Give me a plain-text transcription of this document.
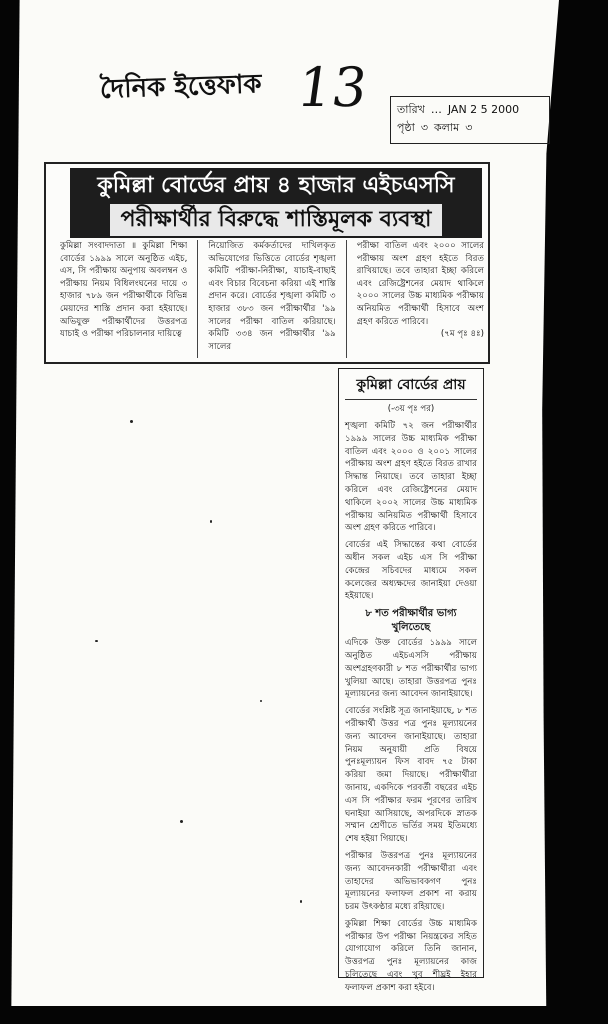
দৈনিক ইত্তেফাক 13 তারিখ … JAN 2 5 2000
পৃষ্ঠা ৩ কলাম ৩
কুমিল্লা বোর্ডের প্রায় ৪ হাজার এইচএসসি
পরীক্ষার্থীর বিরুদ্ধে শাস্তিমূলক ব্যবস্থা
কুমিল্লা সংবাদদাতা ॥ কুমিল্লা শিক্ষা বোর্ডের ১৯৯৯ সালে অনুষ্ঠিত এইচ, এস, সি পরীক্ষায় অনুপায় অবলম্বন ও পরীক্ষায় নিয়ম বিধিলংঘনের দায়ে ৩ হাজার ৭৮৯ জন পরীক্ষার্থীকে বিভিন্ন মেয়াদের শাস্তি প্রদান করা হইয়াছে। অভিযুক্ত পরীক্ষার্থীদের উত্তরপত্র যাচাই ও পরীক্ষা পরিচালনার দায়িত্বে
নিয়োজিত কর্মকর্তাদের দাখিলকৃত অভিযোগের ভিত্তিতে বোর্ডের শৃঙ্খলা কমিটি পরীক্ষা-নিরীক্ষা, যাচাই-বাছাই এবং বিচার বিবেচনা করিয়া এই শাস্তি প্রদান করে। বোর্ডের শৃঙ্খলা কমিটি ৩ হাজার ৩৮৩ জন পরীক্ষার্থীর '৯৯ সালের পরীক্ষা বাতিল করিয়াছে। কমিটি ৩৩৪ জন পরীক্ষার্থীর '৯৯ সালের
পরীক্ষা বাতিল এবং ২০০০ সালের পরীক্ষায় অংশ গ্রহণ হইতে বিরত রাখিয়াছে। তবে তাহারা ইচ্ছা করিলে এবং রেজিষ্ট্রেশনের মেয়াদ থাকিলে ২০০০ সালের উচ্চ মাধ্যমিক পরীক্ষায় অনিয়মিত পরীক্ষার্থী হিসাবে অংশ গ্রহণ করিতে পারিবে।
(৭ম পৃঃ ৪ঃ)
কুমিল্লা বোর্ডের প্রায়
(-৩য় পৃঃ পর)

শৃঙ্খলা কমিটি ৭২ জন পরীক্ষার্থীর ১৯৯৯ সালের উচ্চ মাধ্যমিক পরীক্ষা বাতিল এবং ২০০০ ও ২০০১ সালের পরীক্ষায় অংশ গ্রহণ হইতে বিরত রাখার সিদ্ধান্ত নিয়াছে। তবে তাহারা ইচ্ছা করিলে এবং রেজিষ্ট্রেশনের মেয়াদ থাকিলে ২০০২ সালের উচ্চ মাধ্যমিক পরীক্ষায় অনিয়মিত পরীক্ষার্থী হিসাবে অংশ গ্রহণ করিতে পারিবে।

বোর্ডের এই সিদ্ধান্তের কথা বোর্ডের অধীন সকল এইচ এস সি পরীক্ষা কেন্দ্রের সচিবদের মাধ্যমে সকল কলেজের অধ্যক্ষদের জানাইয়া দেওয়া হইয়াছে।

৮ শত পরীক্ষার্থীর ভাগ্য খুলিতেছে

এদিকে উক্ত বোর্ডের ১৯৯৯ সালে অনুষ্ঠিত এইচএসসি পরীক্ষায় অংশগ্রহণকারী ৮ শত পরীক্ষার্থীর ভাগ্য খুলিয়া আছে। তাহারা উত্তরপত্র পুনঃ মূল্যায়নের জন্য আবেদন জানাইয়াছে।

বোর্ডের সংশ্লিষ্ট সূত্র জানাইয়াছে, ৮ শত পরীক্ষার্থী উত্তর পত্র পুনঃ মূল্যায়নের জন্য আবেদন জানাইয়াছে। তাহারা নিয়ম অনুযায়ী প্রতি বিষয়ে পুনঃমূল্যায়ন ফিস বাবদ ৭৫ টাকা করিয়া জমা দিয়াছে। পরীক্ষার্থীরা জানায়, একদিকে পরবর্তী বছরের এইচ এস সি পরীক্ষার ফরম পূরণের তারিখ ঘনাইয়া আসিয়াছে, অপরদিকে স্নাতক সম্মান শ্রেণীতে ভর্তির সময় ইতিমধ্যে শেষ হইয়া গিয়াছে।

পরীক্ষার উত্তরপত্র পুনঃ মূল্যায়নের জন্য আবেদনকারী পরীক্ষার্থীরা এবং তাহাদের অভিভাবকগণ পুনঃ মূল্যায়নের ফলাফল প্রকাশ না করায় চরম উৎকণ্ঠার মধ্যে রহিয়াছে।

কুমিল্লা শিক্ষা বোর্ডের উচ্চ মাধ্যমিক পরীক্ষার উপ পরীক্ষা নিয়ন্ত্রকের সহিত যোগাযোগ করিলে তিনি জানান, উত্তরপত্র পুনঃ মূল্যায়নের কাজ চলিতেছে এবং খুব শীঘ্রই ইহার ফলাফল প্রকাশ করা হইবে।
